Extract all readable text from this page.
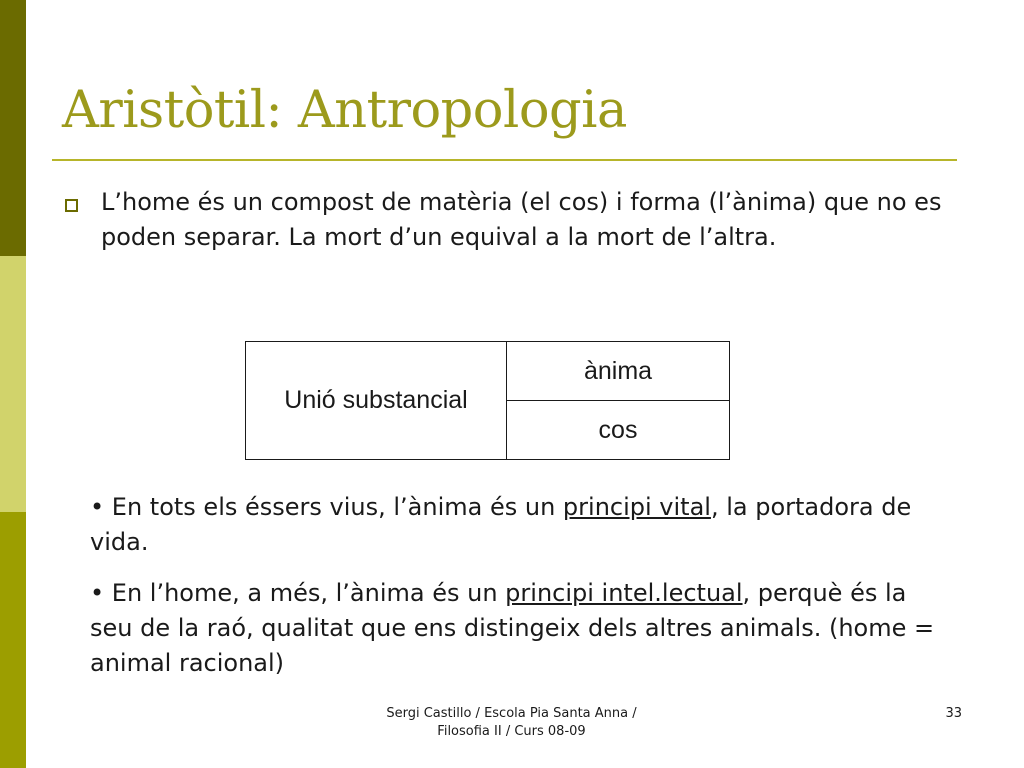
Aristòtil: Antropologia

L’home és un compost de matèria (el cos) i forma (l’ànima) que no es poden separar. La mort d’un equival a la mort de l’altra.

Unió substancial	ànima
cos

• En tots els éssers vius, l’ànima és un principi vital, la portadora de vida.

• En l’home, a més, l’ànima és un principi intel.lectual, perquè és la seu de la raó, qualitat que ens distingeix dels altres animals. (home = animal racional)

Sergi Castillo / Escola Pia Santa Anna /
Filosofia II / Curs 08-09
33
